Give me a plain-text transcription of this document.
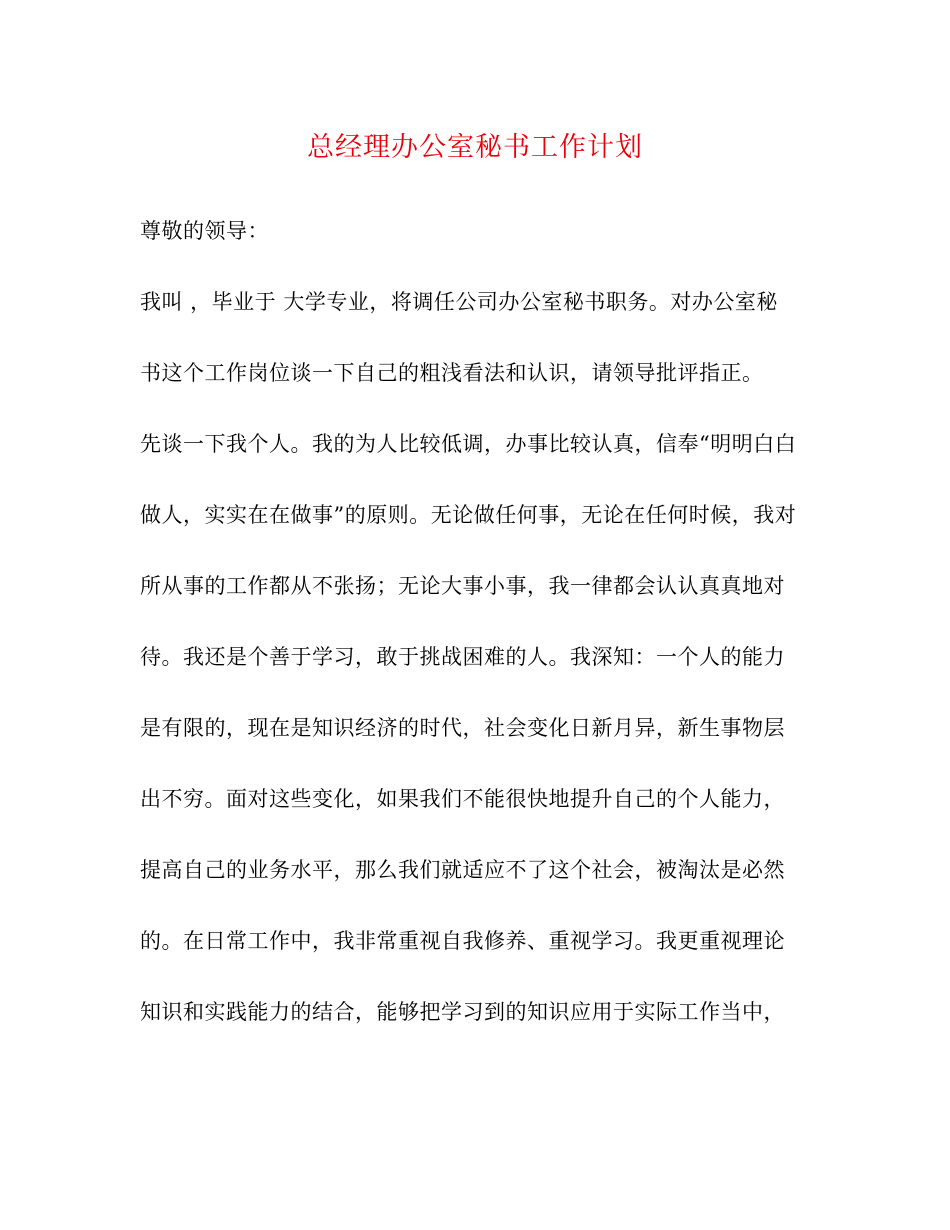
总经理办公室秘书工作计划
尊敬的领导：
我叫 ，毕业于 大学专业，将调任公司办公室秘书职务。对办公室秘
书这个工作岗位谈一下自己的粗浅看法和认识，请领导批评指正。
先谈一下我个人。我的为人比较低调，办事比较认真，信奉“明明白白
做人，实实在在做事”的原则。无论做任何事，无论在任何时候，我对
所从事的工作都从不张扬；无论大事小事，我一律都会认认真真地对
待。我还是个善于学习，敢于挑战困难的人。我深知：一个人的能力
是有限的，现在是知识经济的时代，社会变化日新月异，新生事物层
出不穷。面对这些变化，如果我们不能很快地提升自己的个人能力，
提高自己的业务水平，那么我们就适应不了这个社会，被淘汰是必然
的。在日常工作中，我非常重视自我修养、重视学习。我更重视理论
知识和实践能力的结合，能够把学习到的知识应用于实际工作当中，
